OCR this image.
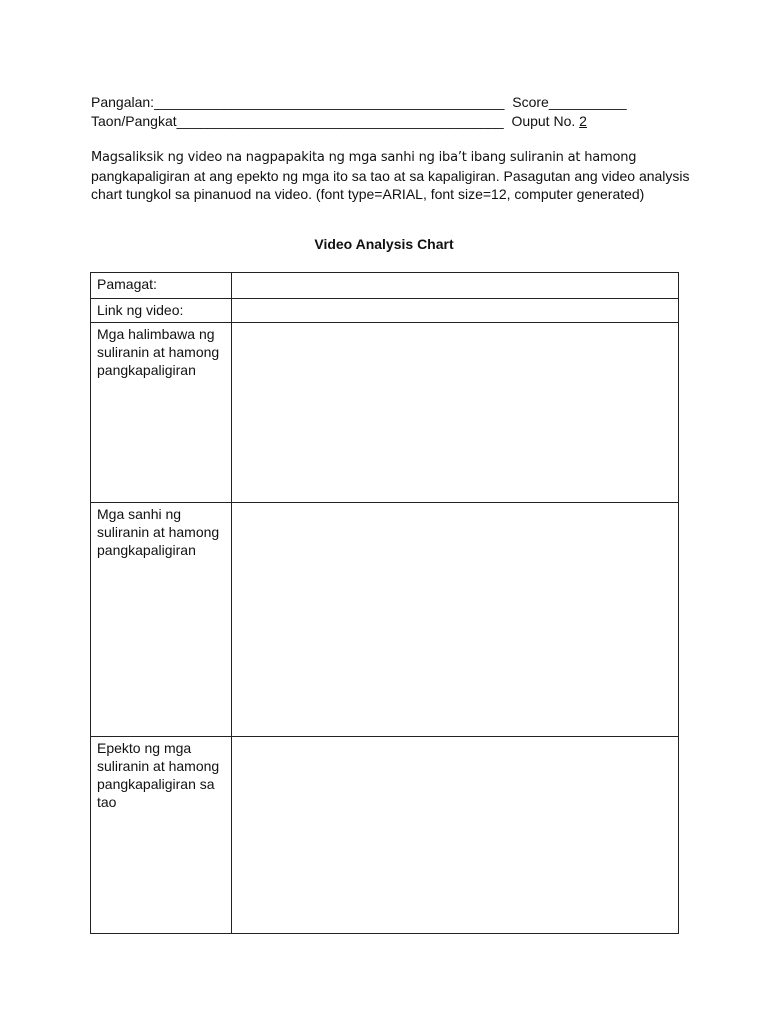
Pangalan:_____________________________________________ Score__________
Taon/Pangkat__________________________________________ Ouput No. 2
Magsaliksik ng video na nagpapakita ng mga sanhi ng iba’t ibang suliranin at hamong
pangkapaligiran at ang epekto ng mga ito sa tao at sa kapaligiran. Pasagutan ang video analysis chart tungkol sa pinanuod na video. (font type=ARIAL, font size=12, computer generated)
Video Analysis Chart
Pamagat:	
Link ng video:	
Mga halimbawa ng suliranin at hamong pangkapaligiran	
Mga sanhi ng suliranin at hamong pangkapaligiran	
Epekto ng mga suliranin at hamong pangkapaligiran sa tao	
